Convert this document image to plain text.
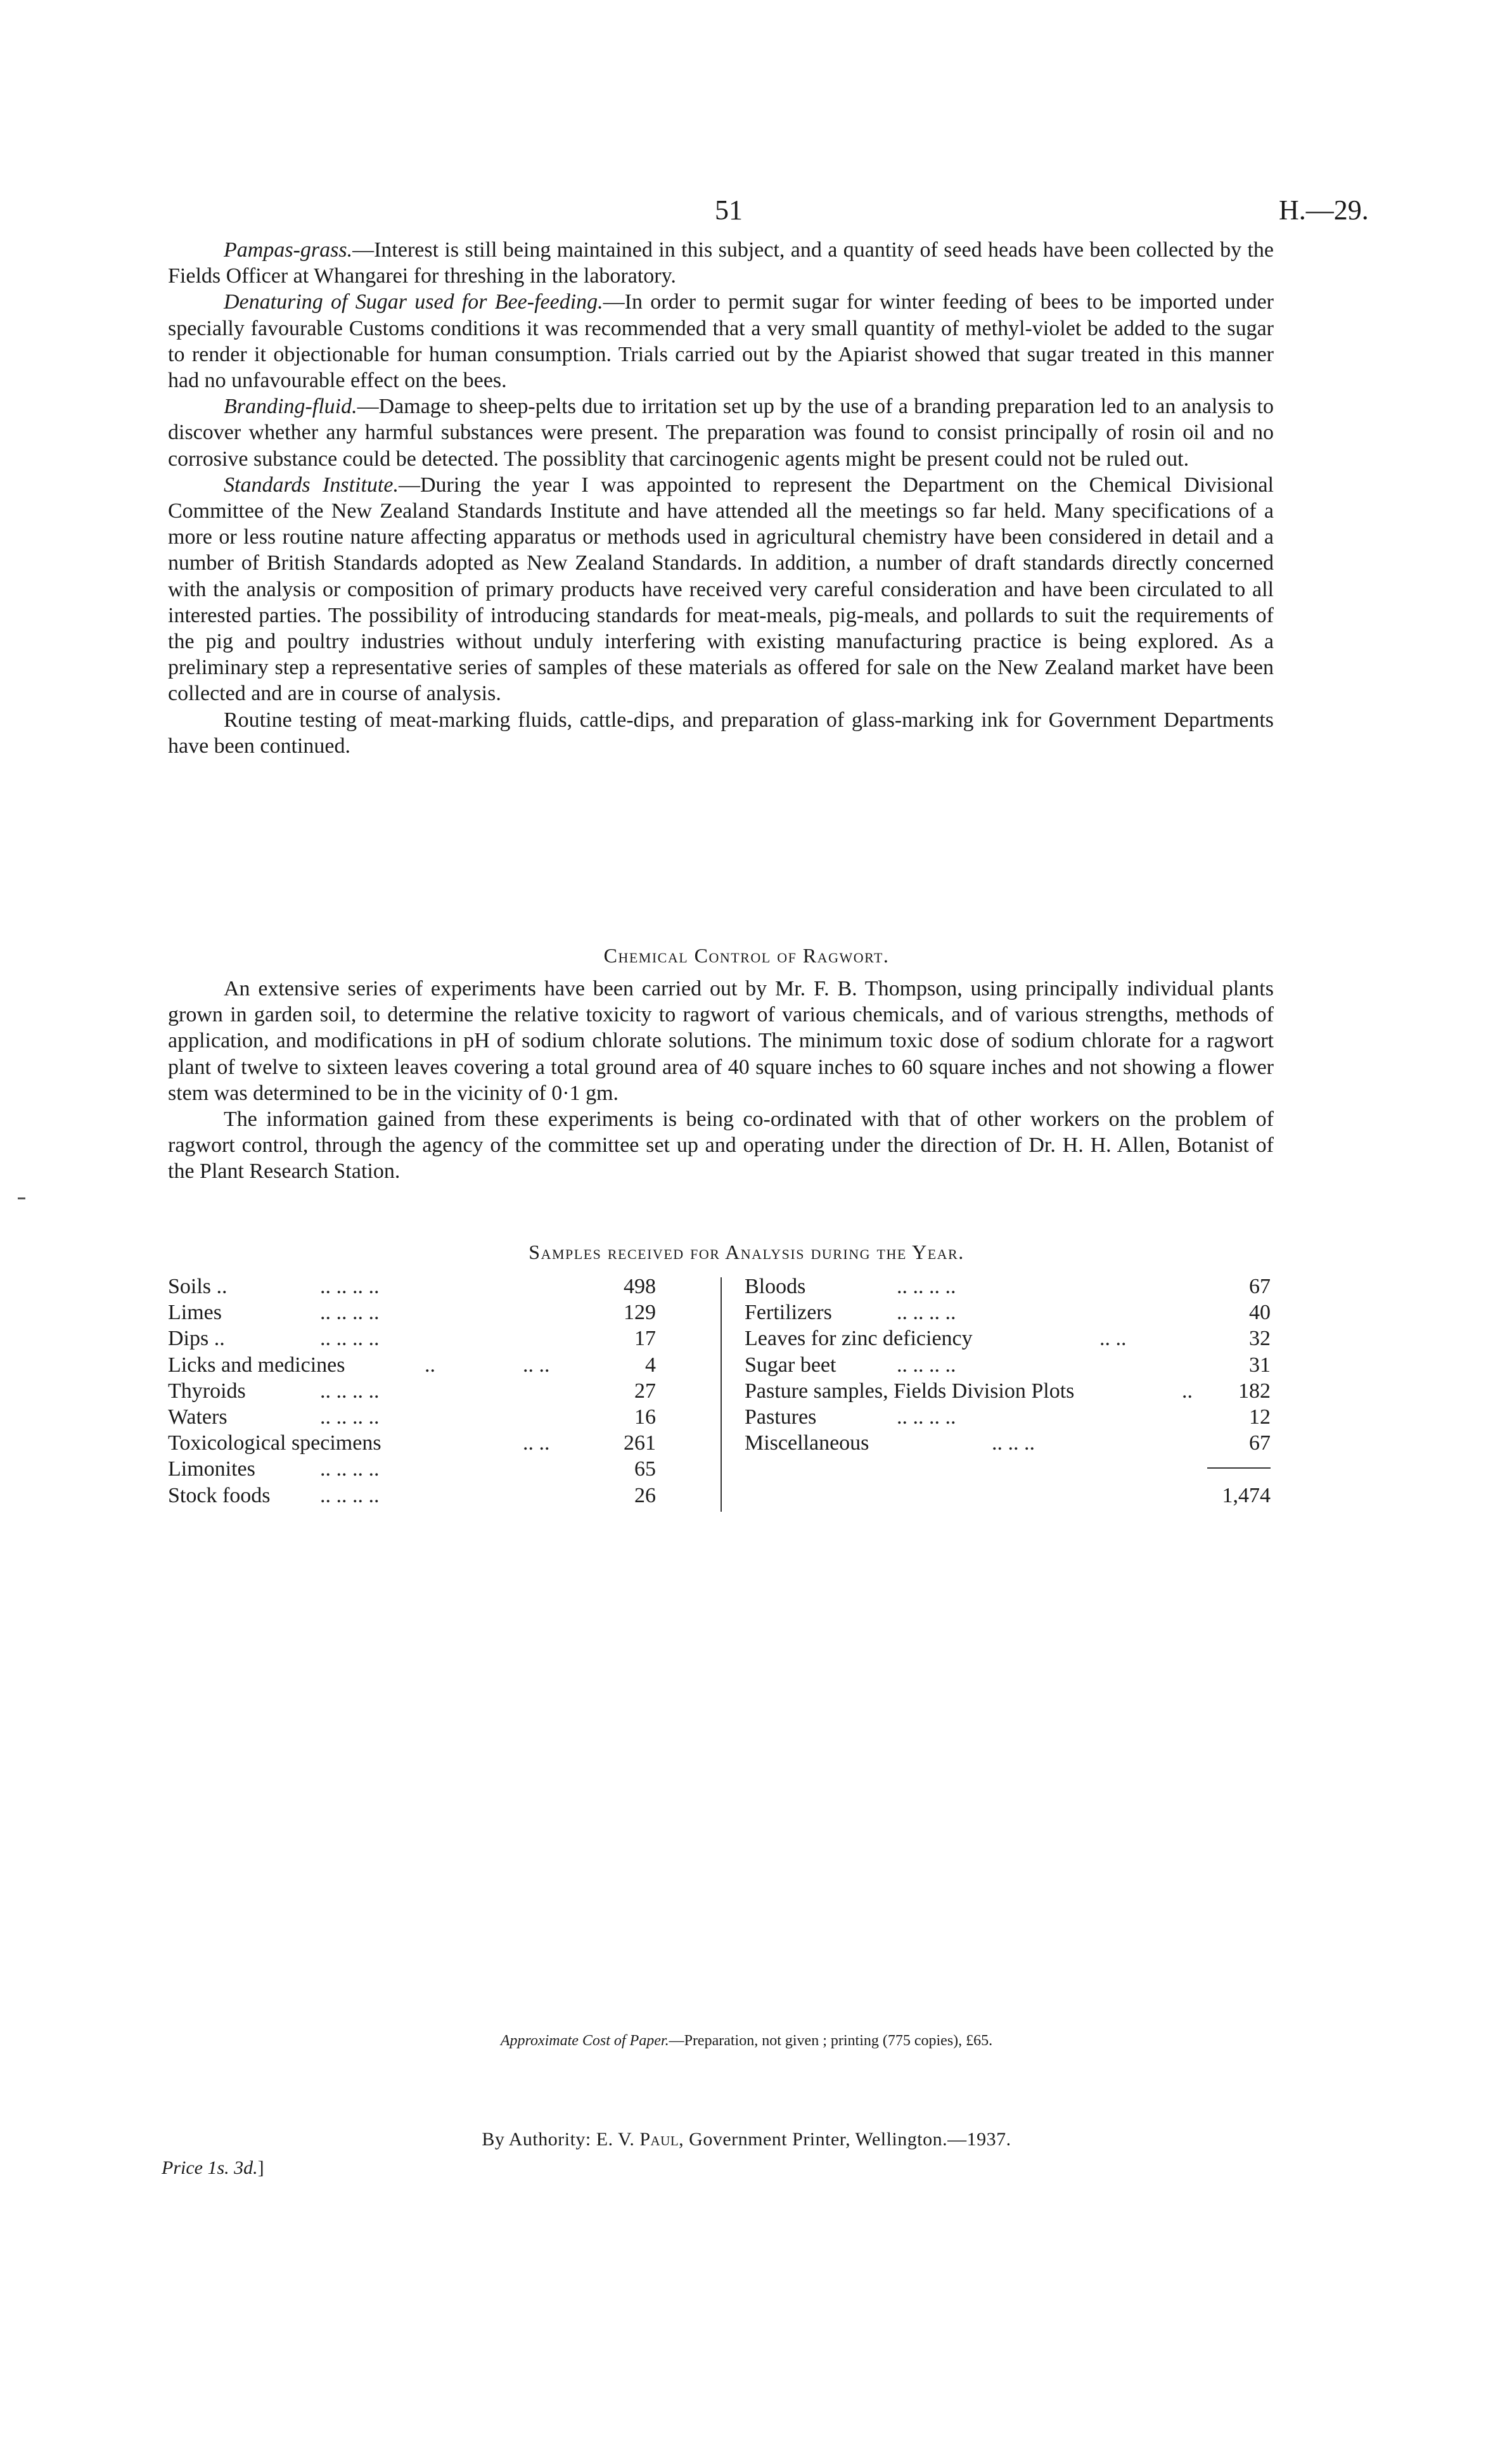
51	H.—29.

Pampas-grass.—Interest is still being maintained in this subject, and a quantity of seed heads have been collected by the Fields Officer at Whangarei for threshing in the laboratory.

Denaturing of Sugar used for Bee-feeding.—In order to permit sugar for winter feeding of bees to be imported under specially favourable Customs conditions it was recommended that a very small quantity of methyl-violet be added to the sugar to render it objectionable for human consumption. Trials carried out by the Apiarist showed that sugar treated in this manner had no unfavourable effect on the bees.

Branding-fluid.—Damage to sheep-pelts due to irritation set up by the use of a branding preparation led to an analysis to discover whether any harmful substances were present. The preparation was found to consist principally of rosin oil and no corrosive substance could be detected. The possiblity that carcinogenic agents might be present could not be ruled out.

Standards Institute.—During the year I was appointed to represent the Department on the Chemical Divisional Committee of the New Zealand Standards Institute and have attended all the meetings so far held. Many specifications of a more or less routine nature affecting apparatus or methods used in agricultural chemistry have been considered in detail and a number of British Standards adopted as New Zealand Standards. In addition, a number of draft standards directly concerned with the analysis or composition of primary products have received very careful consideration and have been circulated to all interested parties. The possibility of introducing standards for meat-meals, pig-meals, and pollards to suit the requirements of the pig and poultry industries without unduly interfering with existing manufacturing practice is being explored. As a preliminary step a representative series of samples of these materials as offered for sale on the New Zealand market have been collected and are in course of analysis.

Routine testing of meat-marking fluids, cattle-dips, and preparation of glass-marking ink for Government Departments have been continued.

Chemical Control of Ragwort.

An extensive series of experiments have been carried out by Mr. F. B. Thompson, using principally individual plants grown in garden soil, to determine the relative toxicity to ragwort of various chemicals, and of various strengths, methods of application, and modifications in pH of sodium chlorate solutions. The minimum toxic dose of sodium chlorate for a ragwort plant of twelve to sixteen leaves covering a total ground area of 40 square inches to 60 square inches and not showing a flower stem was determined to be in the vicinity of 0·1 gm.

The information gained from these experiments is being co-ordinated with that of other workers on the problem of ragwort control, through the agency of the committee set up and operating under the direction of Dr. H. H. Allen, Botanist of the Plant Research Station.

Samples received for Analysis during the Year.
Soils ..	.. .. .. ..	498
Limes	.. .. .. ..	129
Dips ..	.. .. .. ..	17
Licks and medicines	..	.. ..	4
Thyroids	.. .. .. ..	27
Waters	.. .. .. ..	16
Toxicological specimens	.. ..	261
Limonites	.. .. .. ..	65
Stock foods .. .. .. ..	26
Bloods	.. .. .. ..	67
Fertilizers	.. .. .. ..	40
Leaves for zinc deficiency	.. ..	32
Sugar beet	.. .. .. ..	31
Pasture samples, Fields Division Plots	..	182
Pastures	.. .. .. ..	12
Miscellaneous	.. .. ..	67
1,474
Approximate Cost of Paper.—Preparation, not given ; printing (775 copies), £65.
By Authority: E. V. Paul, Government Printer, Wellington.—1937.
Price 1s. 3d.]
